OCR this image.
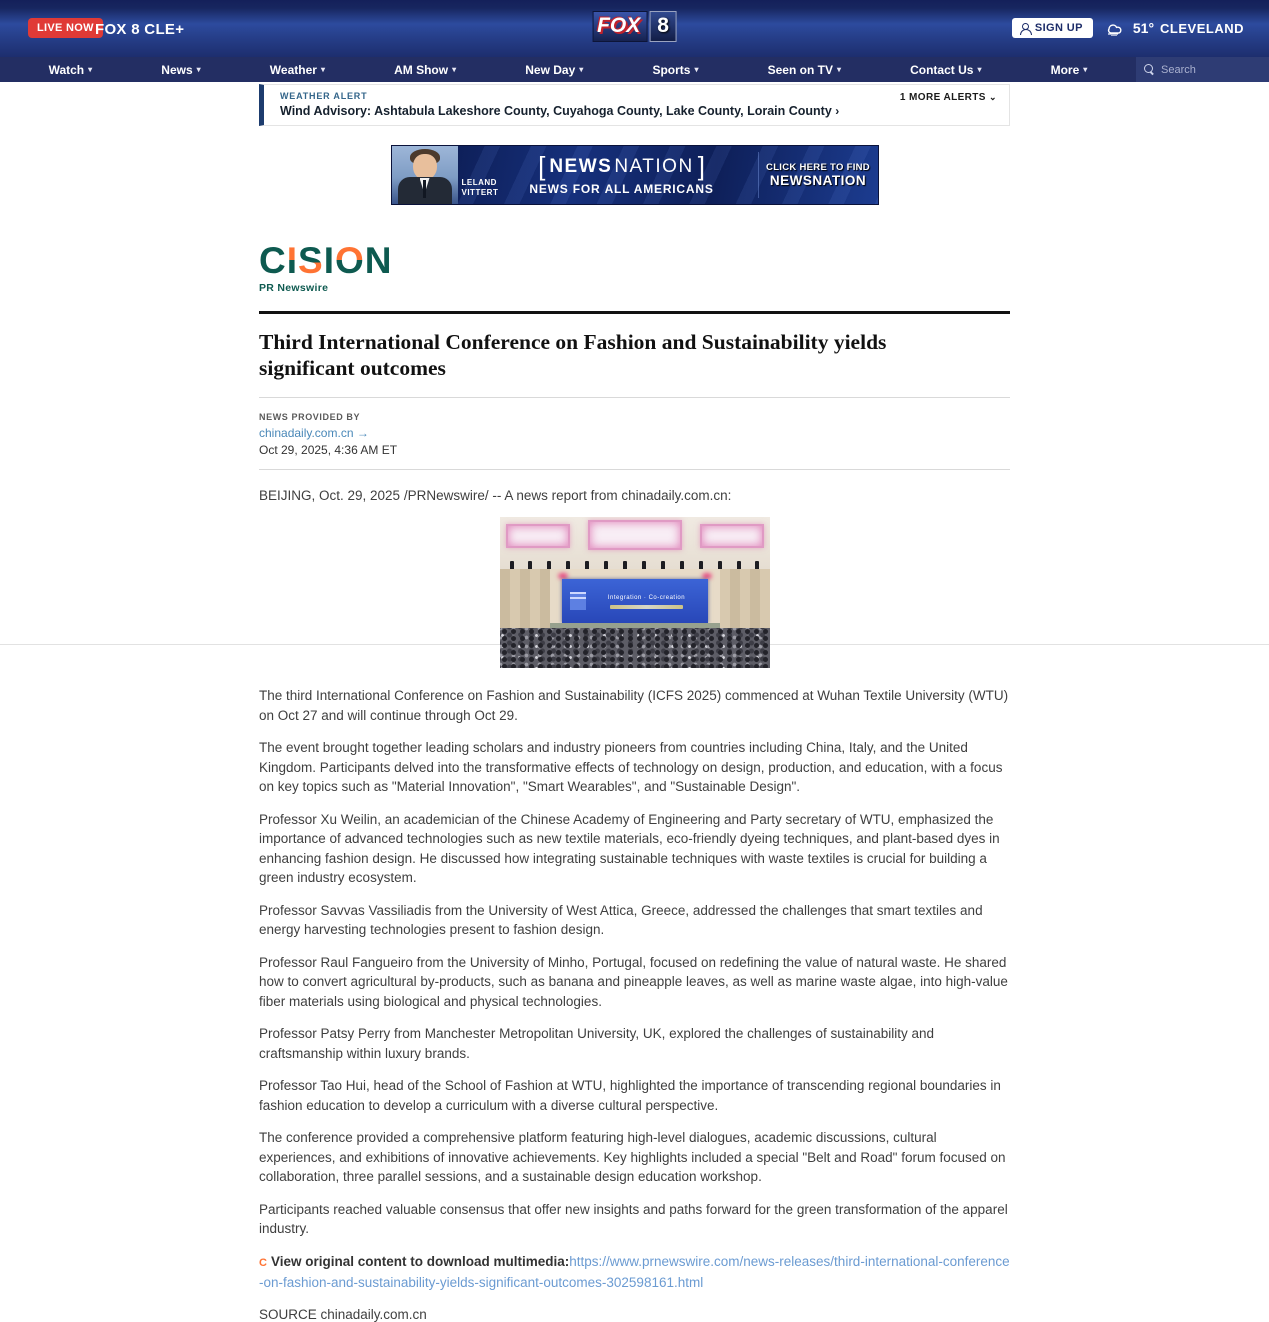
LIVE NOW FOX 8 CLE+	FOX 8	SIGN UP	51° CLEVELAND
Watch ▾	News ▾	Weather ▾	AM Show ▾	New Day ▾	Sports ▾	Seen on TV ▾	Contact Us ▾	More ▾
Search
WEATHER ALERT
Wind Advisory: Ashtabula Lakeshore County, Cuyahoga County, Lake County, Lorain County ›
1 MORE ALERTS ⌄
LELAND
VITTERT
[ NEWS NATION ]
NEWS FOR ALL AMERICANS
CLICK HERE TO FIND
NEWSNATION
C I S I O N
PR Newswire
Third International Conference on Fashion and Sustainability yields significant outcomes
NEWS PROVIDED BY
chinadaily.com.cn →
Oct 29, 2025, 4:36 AM ET
BEIJING, Oct. 29, 2025 /PRNewswire/ -- A news report from chinadaily.com.cn:
Integration · Co-creation

The third International Conference on Fashion and Sustainability (ICFS 2025) commenced at Wuhan Textile University (WTU) on Oct 27 and will continue through Oct 29.

The event brought together leading scholars and industry pioneers from countries including China, Italy, and the United Kingdom. Participants delved into the transformative effects of technology on design, production, and education, with a focus on key topics such as "Material Innovation", "Smart Wearables", and "Sustainable Design".

Professor Xu Weilin, an academician of the Chinese Academy of Engineering and Party secretary of WTU, emphasized the importance of advanced technologies such as new textile materials, eco-friendly dyeing techniques, and plant-based dyes in enhancing fashion design. He discussed how integrating sustainable techniques with waste textiles is crucial for building a green industry ecosystem.

Professor Savvas Vassiliadis from the University of West Attica, Greece, addressed the challenges that smart textiles and energy harvesting technologies present to fashion design.

Professor Raul Fangueiro from the University of Minho, Portugal, focused on redefining the value of natural waste. He shared how to convert agricultural by-products, such as banana and pineapple leaves, as well as marine waste algae, into high-value fiber materials using biological and physical technologies.

Professor Patsy Perry from Manchester Metropolitan University, UK, explored the challenges of sustainability and craftsmanship within luxury brands.

Professor Tao Hui, head of the School of Fashion at WTU, highlighted the importance of transcending regional boundaries in fashion education to develop a curriculum with a diverse cultural perspective.

The conference provided a comprehensive platform featuring high-level dialogues, academic discussions, cultural experiences, and exhibitions of innovative achievements. Key highlights included a special "Belt and Road" forum focused on collaboration, three parallel sessions, and a sustainable design education workshop.

Participants reached valuable consensus that offer new insights and paths forward for the green transformation of the apparel industry.

C View original content to download multimedia:https://www.prnewswire.com/news-releases/third-international-conference-on-fashion-and-sustainability-yields-significant-outcomes-302598161.html

SOURCE chinadaily.com.cn
